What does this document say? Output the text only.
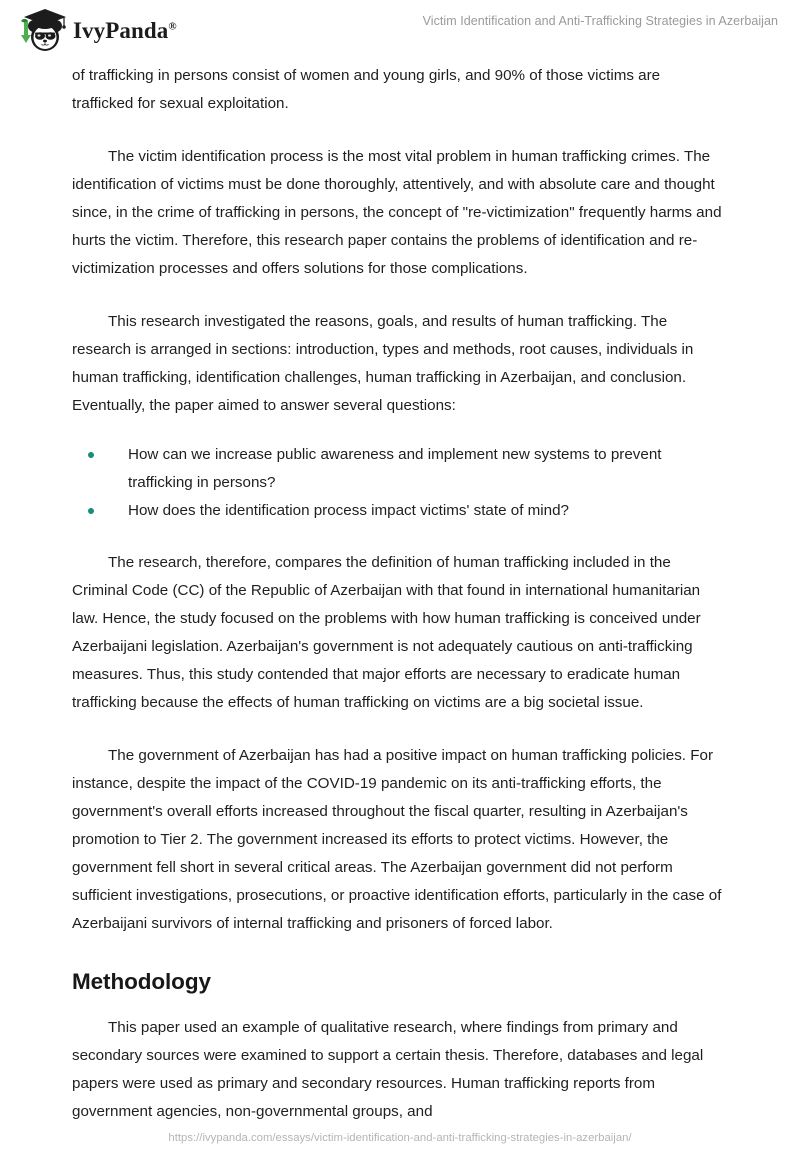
IvyPanda®	Victim Identification and Anti-Trafficking Strategies in Azerbaijan

of trafficking in persons consist of women and young girls, and 90% of those victims are trafficked for sexual exploitation.

The victim identification process is the most vital problem in human trafficking crimes. The identification of victims must be done thoroughly, attentively, and with absolute care and thought since, in the crime of trafficking in persons, the concept of "re-victimization" frequently harms and hurts the victim. Therefore, this research paper contains the problems of identification and re-victimization processes and offers solutions for those complications.

This research investigated the reasons, goals, and results of human trafficking. The research is arranged in sections: introduction, types and methods, root causes, individuals in human trafficking, identification challenges, human trafficking in Azerbaijan, and conclusion. Eventually, the paper aimed to answer several questions:

How can we increase public awareness and implement new systems to prevent trafficking in persons?
How does the identification process impact victims' state of mind?

The research, therefore, compares the definition of human trafficking included in the Criminal Code (CC) of the Republic of Azerbaijan with that found in international humanitarian law. Hence, the study focused on the problems with how human trafficking is conceived under Azerbaijani legislation. Azerbaijan's government is not adequately cautious on anti-trafficking measures. Thus, this study contended that major efforts are necessary to eradicate human trafficking because the effects of human trafficking on victims are a big societal issue.

The government of Azerbaijan has had a positive impact on human trafficking policies. For instance, despite the impact of the COVID-19 pandemic on its anti-trafficking efforts, the government's overall efforts increased throughout the fiscal quarter, resulting in Azerbaijan's promotion to Tier 2. The government increased its efforts to protect victims. However, the government fell short in several critical areas. The Azerbaijan government did not perform sufficient investigations, prosecutions, or proactive identification efforts, particularly in the case of Azerbaijani survivors of internal trafficking and prisoners of forced labor.

Methodology

This paper used an example of qualitative research, where findings from primary and secondary sources were examined to support a certain thesis. Therefore, databases and legal papers were used as primary and secondary resources. Human trafficking reports from government agencies, non-governmental groups, and

https://ivypanda.com/essays/victim-identification-and-anti-trafficking-strategies-in-azerbaijan/
